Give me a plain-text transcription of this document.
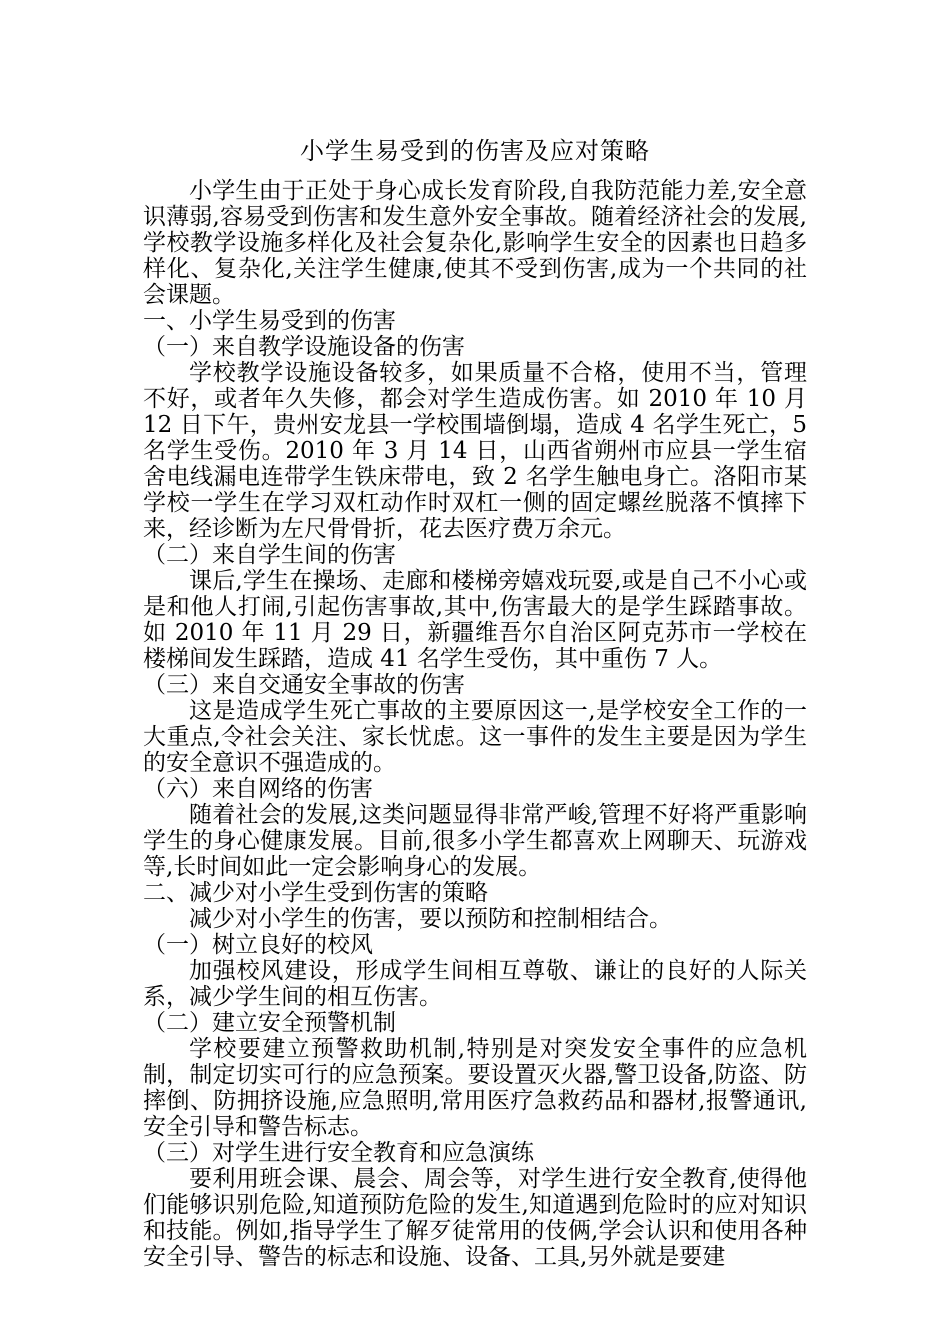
小学生易受到的伤害及应对策略

小学生由于正处于身心成长发育阶段,自我防范能力差,安全意识薄弱,容易受到伤害和发生意外安全事故。随着经济社会的发展,学校教学设施多样化及社会复杂化,影响学生安全的因素也日趋多样化、复杂化,关注学生健康,使其不受到伤害,成为一个共同的社会课题。

一、小学生易受到的伤害

（一）来自教学设施设备的伤害

学校教学设施设备较多，如果质量不合格，使用不当，管理不好，或者年久失修，都会对学生造成伤害。如 2010 年 10 月 12 日下午，贵州安龙县一学校围墙倒塌，造成 4 名学生死亡，5 名学生受伤。2010 年 3 月 14 日，山西省朔州市应县一学生宿舍电线漏电连带学生铁床带电，致 2 名学生触电身亡。洛阳市某学校一学生在学习双杠动作时双杠一侧的固定螺丝脱落不慎摔下来，经诊断为左尺骨骨折，花去医疗费万余元。

（二）来自学生间的伤害

课后,学生在操场、走廊和楼梯旁嬉戏玩耍,或是自己不小心或是和他人打闹,引起伤害事故,其中,伤害最大的是学生踩踏事故。如 2010 年 11 月 29 日，新疆维吾尔自治区阿克苏市一学校在楼梯间发生踩踏，造成 41 名学生受伤，其中重伤 7 人。

（三）来自交通安全事故的伤害

这是造成学生死亡事故的主要原因这一,是学校安全工作的一大重点,令社会关注、家长忧虑。这一事件的发生主要是因为学生的安全意识不强造成的。

（六）来自网络的伤害

随着社会的发展,这类问题显得非常严峻,管理不好将严重影响学生的身心健康发展。目前,很多小学生都喜欢上网聊天、玩游戏等,长时间如此一定会影响身心的发展。

二、减少对小学生受到伤害的策略

减少对小学生的伤害，要以预防和控制相结合。

（一）树立良好的校风

加强校风建设，形成学生间相互尊敬、谦让的良好的人际关系，减少学生间的相互伤害。

（二）建立安全预警机制

学校要建立预警救助机制,特别是对突发安全事件的应急机制，制定切实可行的应急预案。要设置灭火器,警卫设备,防盗、防摔倒、防拥挤设施,应急照明,常用医疗急救药品和器材,报警通讯,安全引导和警告标志。

（三）对学生进行安全教育和应急演练

要利用班会课、晨会、周会等，对学生进行安全教育,使得他们能够识别危险,知道预防危险的发生,知道遇到危险时的应对知识和技能。例如,指导学生了解歹徒常用的伎俩,学会认识和使用各种安全引导、警告的标志和设施、设备、工具,另外就是要建
